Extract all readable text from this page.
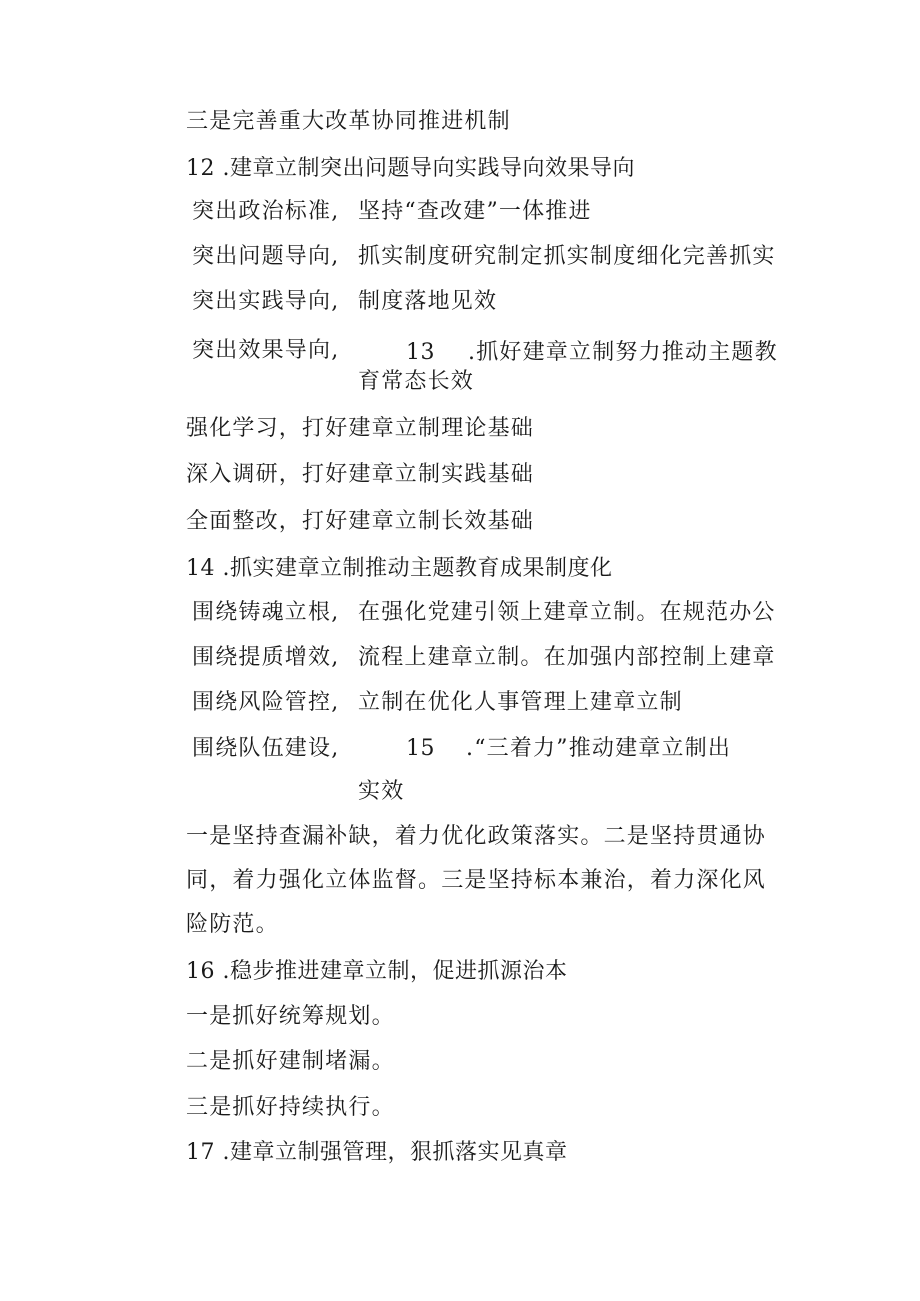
三是完善重大改革协同推进机制
12 .建章立制突出问题导向实践导向效果导向
突出政治标准, 坚持“查改建”一体推进
突出问题导向, 抓实制度研究制定抓实制度细化完善抓实
突出实践导向, 制度落地见效
突出效果导向,	13 .抓好建章立制努力推动主题教
育常态长效
强化学习，打好建章立制理论基础
深入调研，打好建章立制实践基础
全面整改，打好建章立制长效基础
14 .抓实建章立制推动主题教育成果制度化
围绕铸魂立根, 在强化党建引领上建章立制。在规范办公
围绕提质增效, 流程上建章立制。在加强内部控制上建章
围绕风险管控, 立制在优化人事管理上建章立制
围绕队伍建设,	15 .“三着力”推动建章立制出
实效
一是坚持查漏补缺，着力优化政策落实。二是坚持贯通协
同，着力强化立体监督。三是坚持标本兼治，着力深化风
险防范。
16 .稳步推进建章立制，促进抓源治本
一是抓好统筹规划。
二是抓好建制堵漏。
三是抓好持续执行。
17 .建章立制强管理，狠抓落实见真章
